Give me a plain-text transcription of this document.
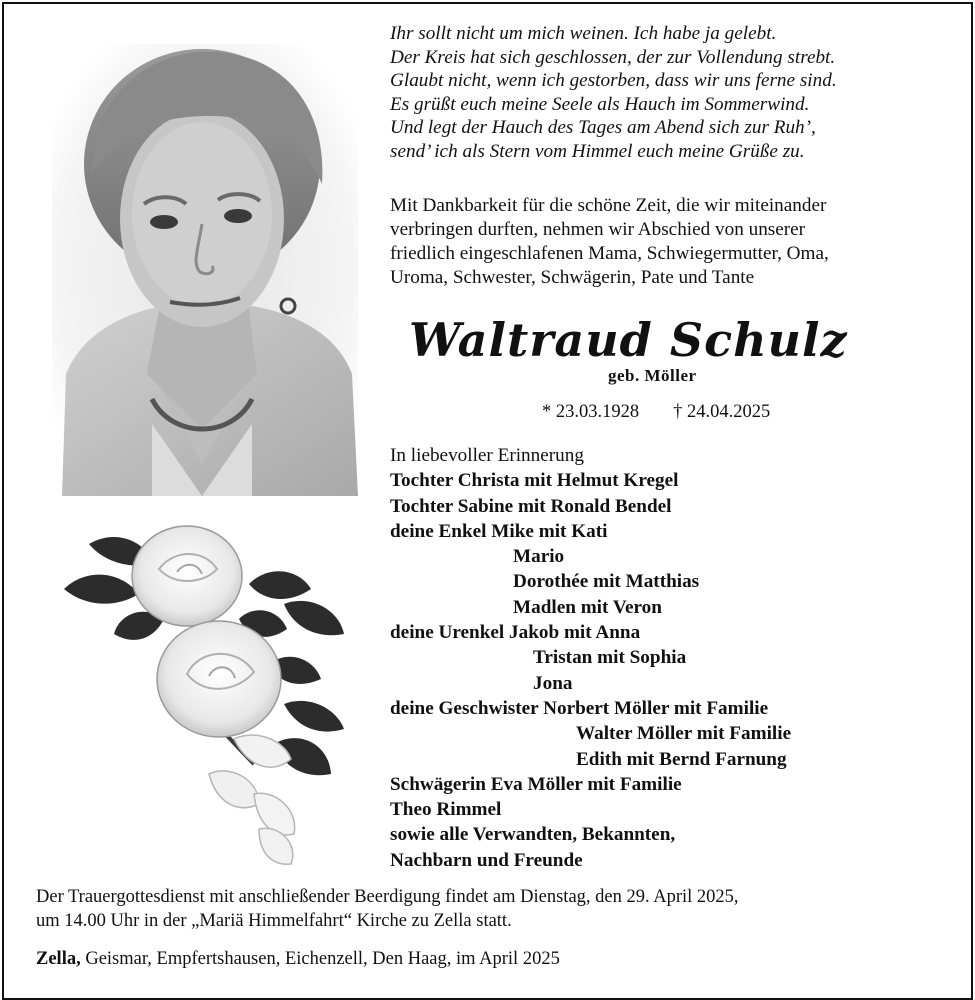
Ihr sollt nicht um mich weinen. Ich habe ja gelebt.
Der Kreis hat sich geschlossen, der zur Vollendung strebt.
Glaubt nicht, wenn ich gestorben, dass wir uns ferne sind.
Es grüßt euch meine Seele als Hauch im Sommerwind.
Und legt der Hauch des Tages am Abend sich zur Ruh’,
send’ ich als Stern vom Himmel euch meine Grüße zu.
Mit Dankbarkeit für die schöne Zeit, die wir miteinander
verbringen durften, nehmen wir Abschied von unserer
friedlich eingeschlafenen Mama, Schwiegermutter, Oma,
Uroma, Schwester, Schwägerin, Pate und Tante
Waltraud Schulz
geb. Möller
* 23.03.1928 † 24.04.2025
In liebevoller Erinnerung
Tochter Christa mit Helmut Kregel
Tochter Sabine mit Ronald Bendel
deine Enkel Mike mit Kati
Mario
Dorothée mit Matthias
Madlen mit Veron
deine Urenkel Jakob mit Anna
Tristan mit Sophia
Jona
deine Geschwister Norbert Möller mit Familie
Walter Möller mit Familie
Edith mit Bernd Farnung
Schwägerin Eva Möller mit Familie
Theo Rimmel
sowie alle Verwandten, Bekannten,
Nachbarn und Freunde
Der Trauergottesdienst mit anschließender Beerdigung findet am Dienstag, den 29. April 2025,
um 14.00 Uhr in der „Mariä Himmelfahrt“ Kirche zu Zella statt.
Zella, Geismar, Empfertshausen, Eichenzell, Den Haag, im April 2025
